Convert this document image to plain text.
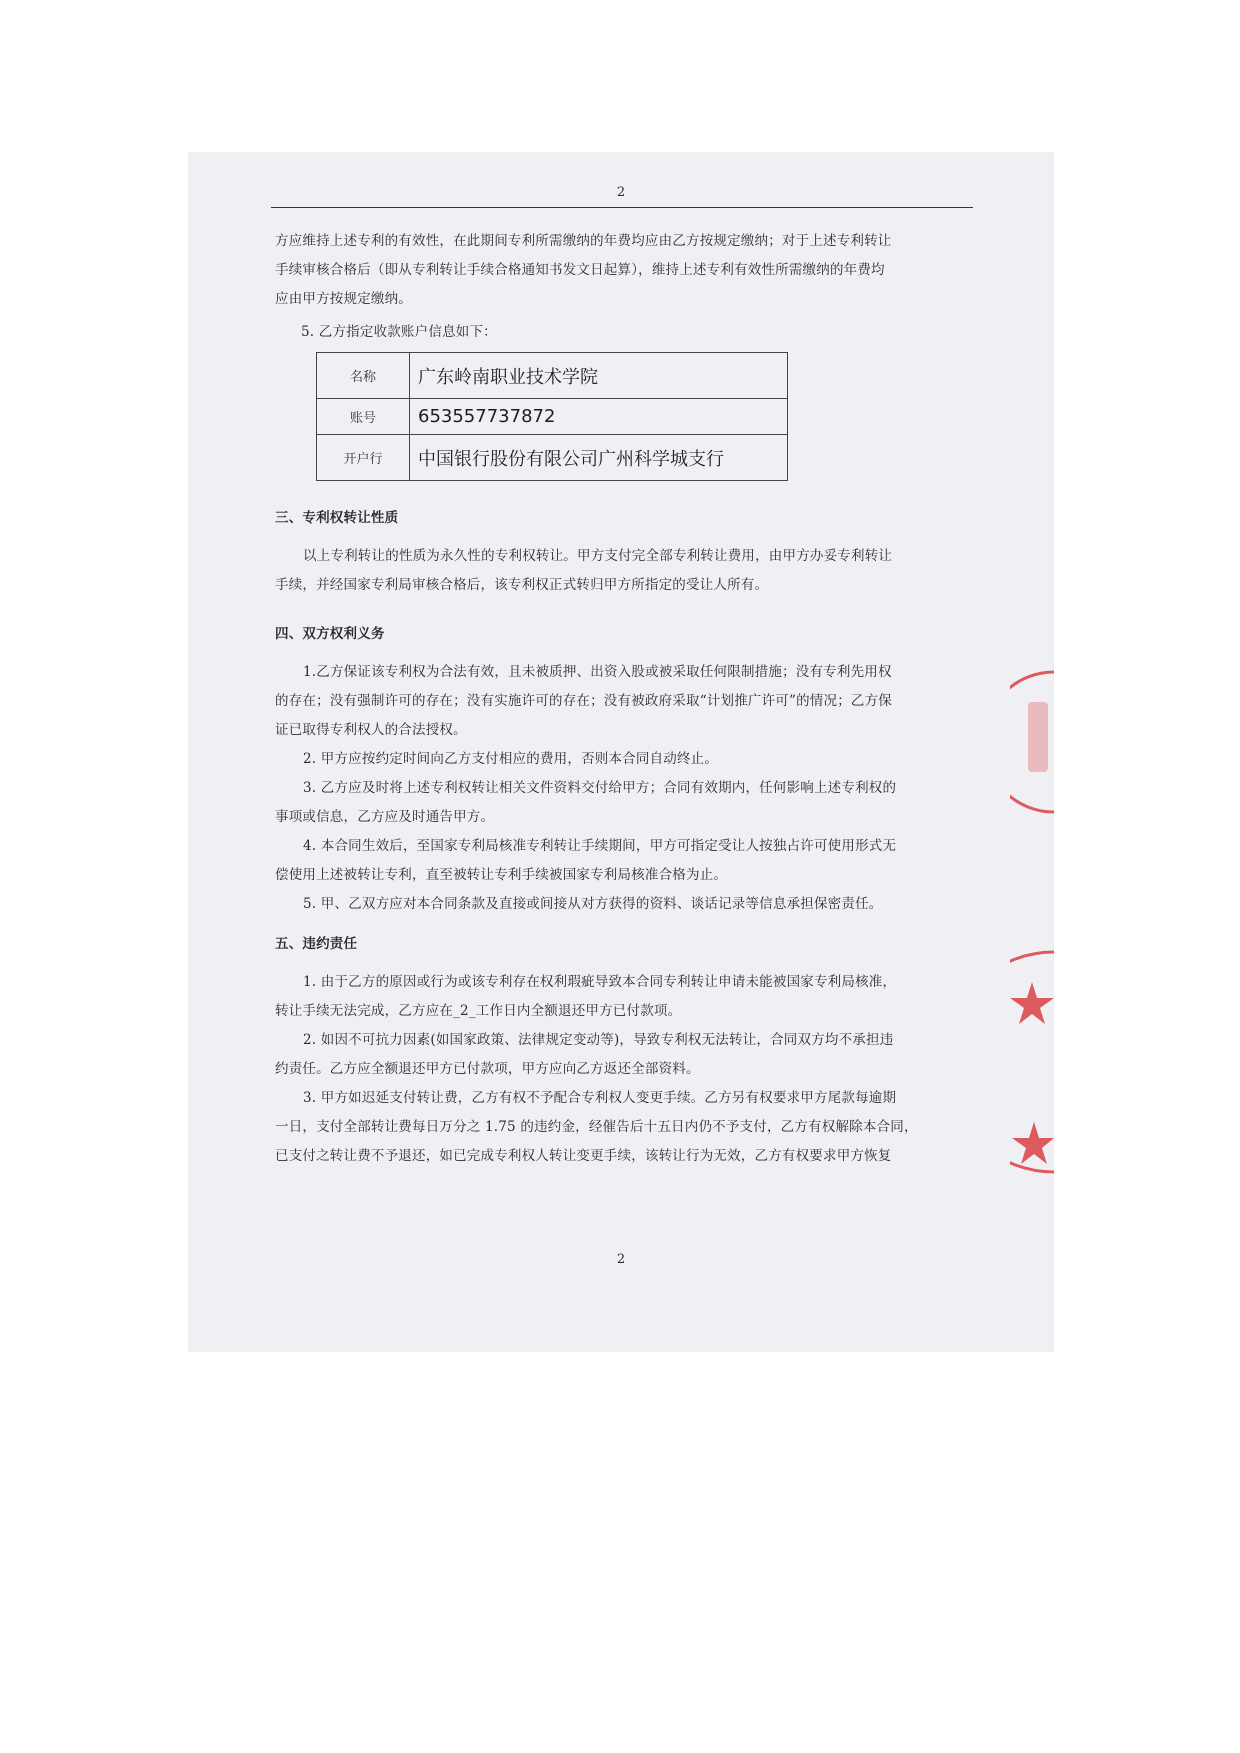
2
方应维持上述专利的有效性，在此期间专利所需缴纳的年费均应由乙方按规定缴纳；对于上述专利转让
手续审核合格后（即从专利转让手续合格通知书发文日起算），维持上述专利有效性所需缴纳的年费均
应由甲方按规定缴纳。
5. 乙方指定收款账户信息如下：
名称	广东岭南职业技术学院
账号	653557737872
开户行	中国银行股份有限公司广州科学城支行
三、专利权转让性质
以上专利转让的性质为永久性的专利权转让。甲方支付完全部专利转让费用，由甲方办妥专利转让
手续，并经国家专利局审核合格后，该专利权正式转归甲方所指定的受让人所有。
四、双方权利义务
1.乙方保证该专利权为合法有效，且未被质押、出资入股或被采取任何限制措施；没有专利先用权
的存在；没有强制许可的存在；没有实施许可的存在；没有被政府采取“计划推广许可”的情况；乙方保
证已取得专利权人的合法授权。
2. 甲方应按约定时间向乙方支付相应的费用，否则本合同自动终止。
3. 乙方应及时将上述专利权转让相关文件资料交付给甲方；合同有效期内，任何影响上述专利权的
事项或信息，乙方应及时通告甲方。
4. 本合同生效后，至国家专利局核准专利转让手续期间，甲方可指定受让人按独占许可使用形式无
偿使用上述被转让专利，直至被转让专利手续被国家专利局核准合格为止。
5. 甲、乙双方应对本合同条款及直接或间接从对方获得的资料、谈话记录等信息承担保密责任。
五、违约责任
1. 由于乙方的原因或行为或该专利存在权利瑕疵导致本合同专利转让申请未能被国家专利局核准，
转让手续无法完成，乙方应在_2_工作日内全额退还甲方已付款项。
2. 如因不可抗力因素(如国家政策、法律规定变动等)，导致专利权无法转让，合同双方均不承担违
约责任。乙方应全额退还甲方已付款项，甲方应向乙方返还全部资料。
3. 甲方如迟延支付转让费，乙方有权不予配合专利权人变更手续。乙方另有权要求甲方尾款每逾期
一日，支付全部转让费每日万分之 1.75 的违约金，经催告后十五日内仍不予支付，乙方有权解除本合同，
已支付之转让费不予退还，如已完成专利权人转让变更手续，该转让行为无效，乙方有权要求甲方恢复
2
